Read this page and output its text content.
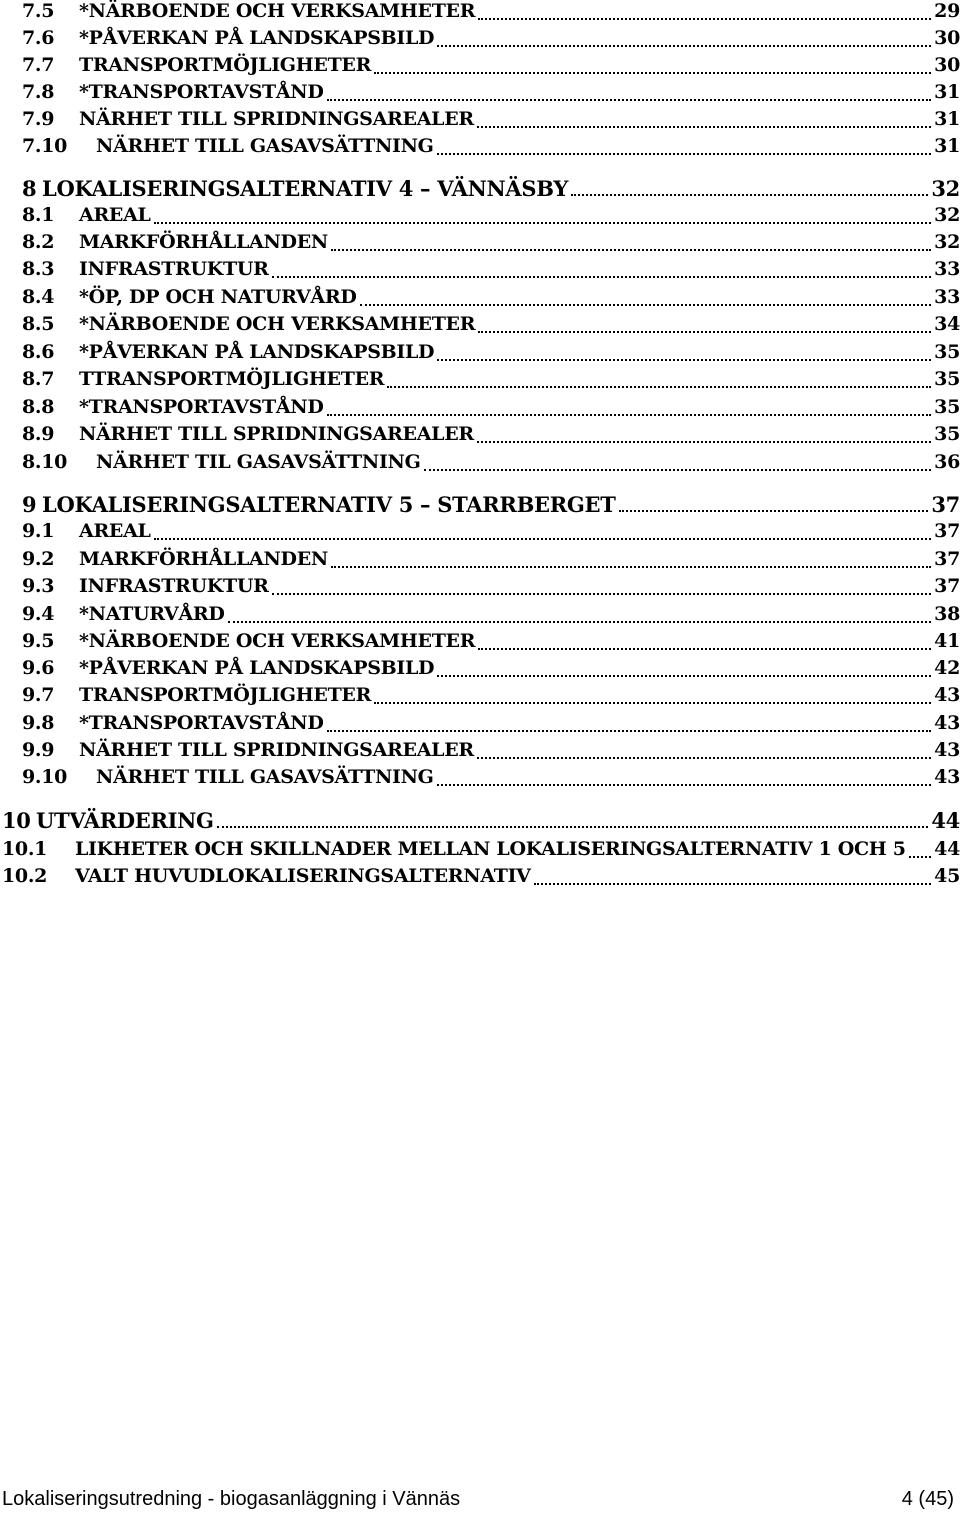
7.5	*NÄRBOENDE OCH VERKSAMHETER	29
7.6	*PÅVERKAN PÅ LANDSKAPSBILD	30
7.7	TRANSPORTMÖJLIGHETER	30
7.8	*TRANSPORTAVSTÅND	31
7.9	NÄRHET TILL SPRIDNINGSAREALER	31
7.10	NÄRHET TILL GASAVSÄTTNING	31
8 LOKALISERINGSALTERNATIV 4 – VÄNNÄSBY	32
8.1	AREAL	32
8.2	MARKFÖRHÅLLANDEN	32
8.3	INFRASTRUKTUR	33
8.4	*ÖP, DP OCH NATURVÅRD	33
8.5	*NÄRBOENDE OCH VERKSAMHETER	34
8.6	*PÅVERKAN PÅ LANDSKAPSBILD	35
8.7	TTRANSPORTMÖJLIGHETER	35
8.8	*TRANSPORTAVSTÅND	35
8.9	NÄRHET TILL SPRIDNINGSAREALER	35
8.10	NÄRHET TIL GASAVSÄTTNING	36
9 LOKALISERINGSALTERNATIV 5 – STARRBERGET	37
9.1	AREAL	37
9.2	MARKFÖRHÅLLANDEN	37
9.3	INFRASTRUKTUR	37
9.4	*NATURVÅRD	38
9.5	*NÄRBOENDE OCH VERKSAMHETER	41
9.6	*PÅVERKAN PÅ LANDSKAPSBILD	42
9.7	TRANSPORTMÖJLIGHETER	43
9.8	*TRANSPORTAVSTÅND	43
9.9	NÄRHET TILL SPRIDNINGSAREALER	43
9.10	NÄRHET TILL GASAVSÄTTNING	43
10 UTVÄRDERING	44
10.1	LIKHETER OCH SKILLNADER MELLAN LOKALISERINGSALTERNATIV 1 OCH 5 44
10.2	VALT HUVUDLOKALISERINGSALTERNATIV	45
Lokaliseringsutredning - biogasanläggning i Vännäs	4 (45)
